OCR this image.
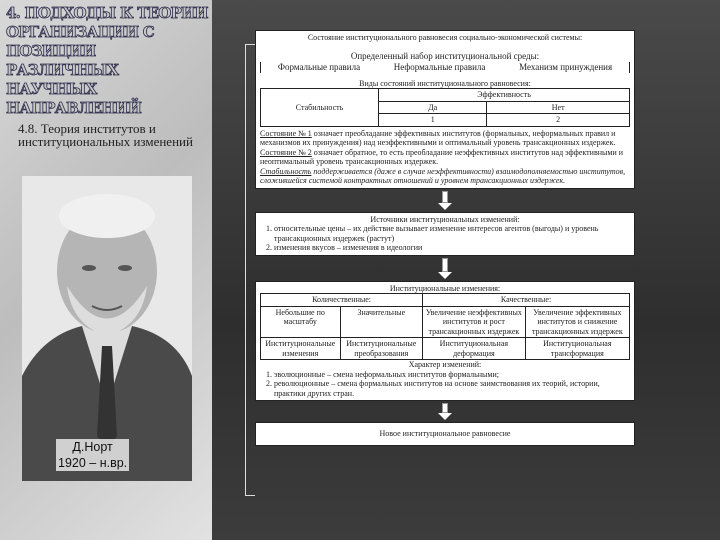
4. ПОДХОДЫ К ТЕОРИИ ОРГАНИЗАЦИИ С ПОЗИЦИИ РАЗЛИЧНЫХ НАУЧНЫХ НАПРАВЛЕНИЙ
4.8. Теория институтов и институциональных изменений
Д.Норт
1920 – н.вр.
Состояние институционального равновесия социально-экономической системы:
Определенный набор институциональной среды:
Формальные правила	Неформальные правила	Механизм принуждения
Виды состояний институционального равновесия:
Стабильность	Эффективность	
	Да	Нет
	1	2

Состояние № 1 означает преобладание эффективных институтов (формальных, неформальных правил и механизмов их принуждения) над неэффективными и оптимальный уровень трансакционных издержек.

Состояние № 2 означает обратное, то есть преобладание неэффективных институтов над эффективными и неоптимальный уровень трансакционных издержек.

Стабильность поддерживается (даже в случае неэффективности) взаимодополняемостью институтов, сложившейся системой контрактных отношений и уровнем трансакционных издержек.

Источники институциональных изменений:
1. относительные цены – их действие вызывает изменение интересов агентов (выгоды) и уровень трансакционных издержек (растут)
2. изменения вкусов – изменения в идеологии
Институциональные изменения:
Количественные:		Качественные:	
Небольшие по масштабу	Значительные	Увеличение неэффективных институтов и рост трансакционных издержек	Увеличение эффективных институтов и снижение трансакционных издержек
Институциональные изменения	Институциональные преобразования	Институциональная деформация	Институциональная трансформация
Характер изменений:
1. эволюционные – смена неформальных институтов формальными;
2. революционные – смена формальных институтов на основе заимствования их теорий, истории, практики других стран.
Новое институциональное равновесие
